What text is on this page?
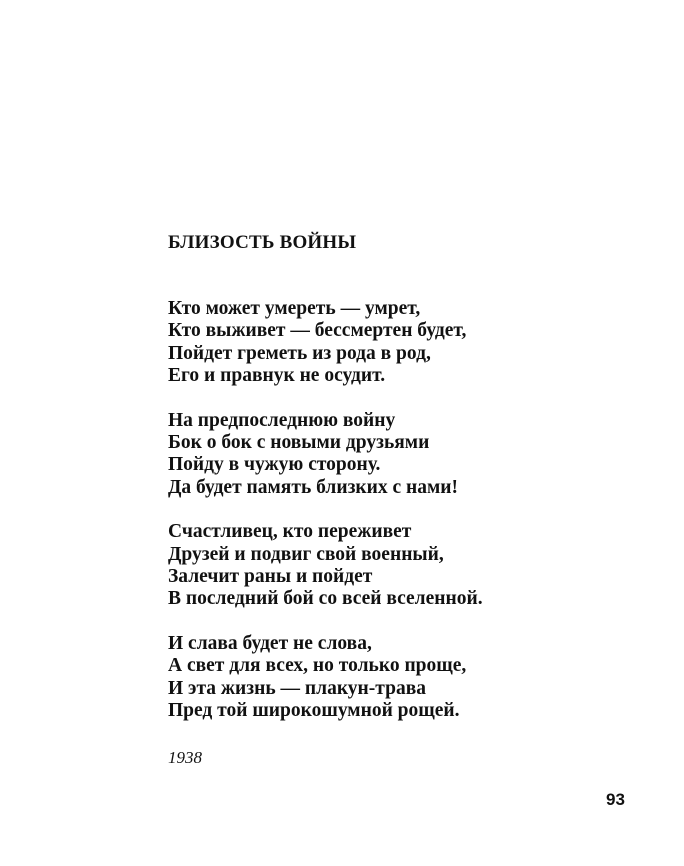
БЛИЗОСТЬ ВОЙНЫ
Кто может умереть — умрет,
Кто выживет — бессмертен будет,
Пойдет греметь из рода в род,
Его и правнук не осудит.
На предпоследнюю войну
Бок о бок с новыми друзьями
Пойду в чужую сторону.
Да будет память близких с нами!
Счастливец, кто переживет
Друзей и подвиг свой военный,
Залечит раны и пойдет
В последний бой со всей вселенной.
И слава будет не слова,
А свет для всех, но только проще,
И эта жизнь — плакун-трава
Пред той широкошумной рощей.
1938
93
